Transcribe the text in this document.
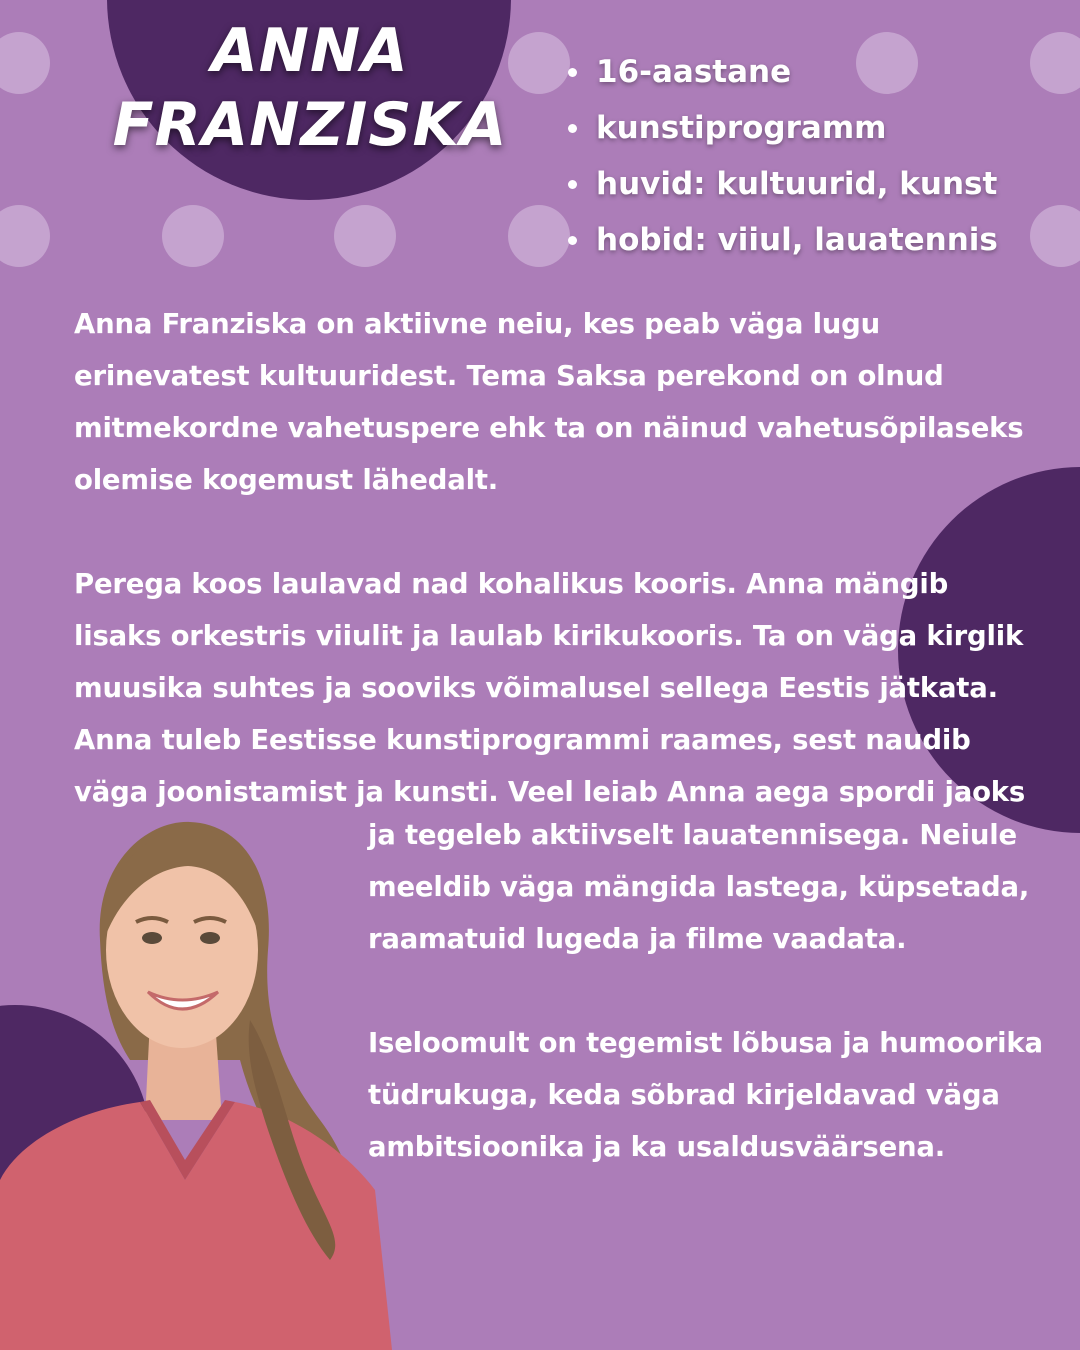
ANNA
FRANZISKA
16-aastane
kunstiprogramm
huvid: kultuurid, kunst
hobid: viiul, lauatennis
Anna Franziska on aktiivne neiu, kes peab väga lugu
erinevatest kultuuridest. Tema Saksa perekond on olnud
mitmekordne vahetuspere ehk ta on näinud vahetusõpilaseks
olemise kogemust lähedalt.
Perega koos laulavad nad kohalikus kooris. Anna mängib
lisaks orkestris viiulit ja laulab kirikukooris. Ta on väga kirglik
muusika suhtes ja sooviks võimalusel sellega Eestis jätkata.
Anna tuleb Eestisse kunstiprogrammi raames, sest naudib
väga joonistamist ja kunsti. Veel leiab Anna aega spordi jaoks
ja tegeleb aktiivselt lauatennisega. Neiule
meeldib väga mängida lastega, küpsetada,
raamatuid lugeda ja filme vaadata.
Iseloomult on tegemist lõbusa ja humoorika
tüdrukuga, keda sõbrad kirjeldavad väga
ambitsioonika ja ka usaldusväärsena.
